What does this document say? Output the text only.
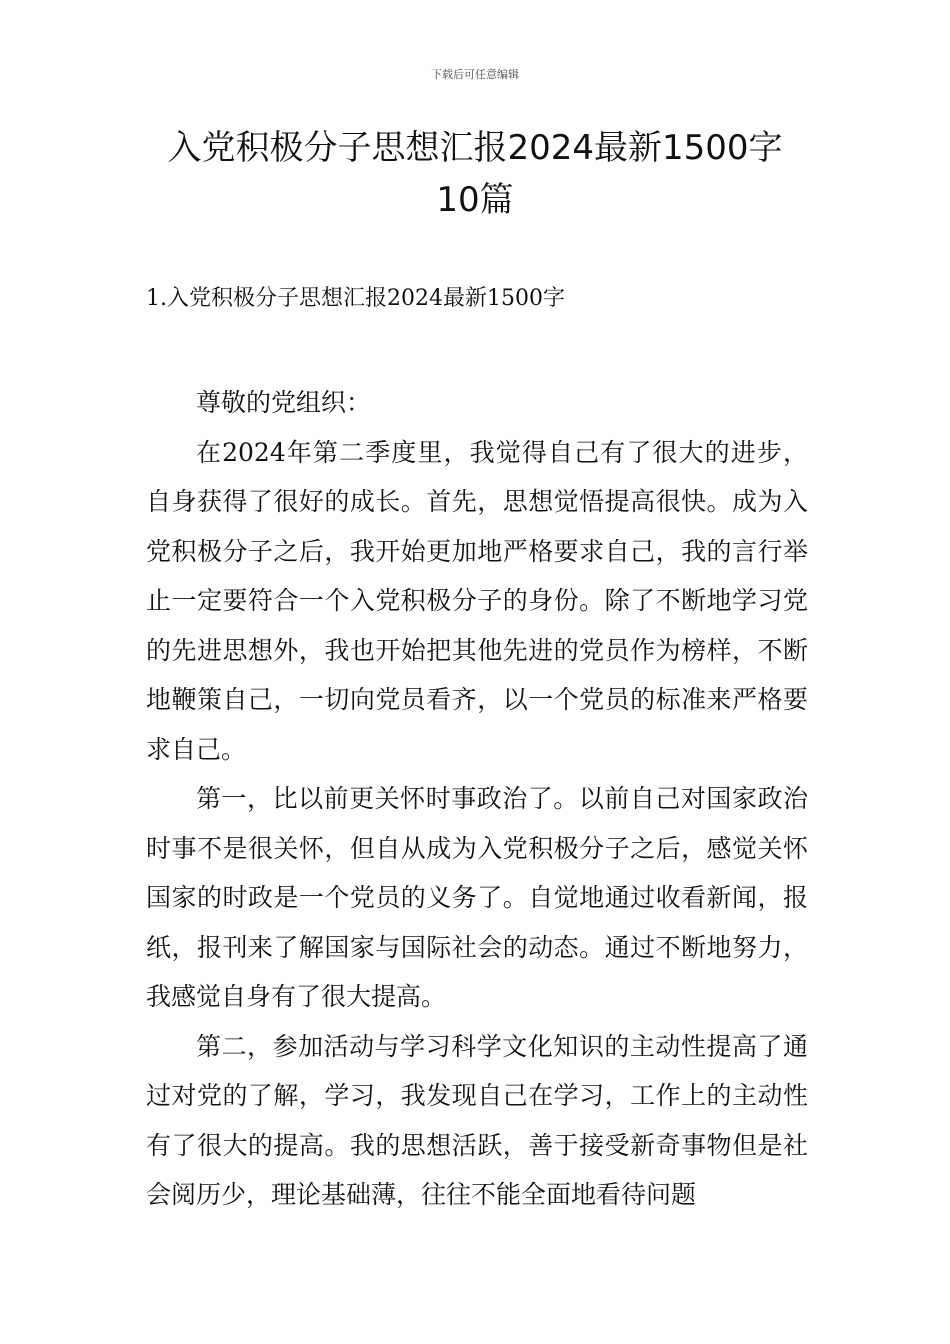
下载后可任意编辑
入党积极分子思想汇报2024最新1500字
10篇
1.入党积极分子思想汇报2024最新1500字

尊敬的党组织：

在2024年第二季度里，我觉得自己有了很大的进步，自身获得了很好的成长。首先，思想觉悟提高很快。成为入党积极分子之后，我开始更加地严格要求自己，我的言行举止一定要符合一个入党积极分子的身份。除了不断地学习党的先进思想外，我也开始把其他先进的党员作为榜样，不断地鞭策自己，一切向党员看齐，以一个党员的标准来严格要求自己。

第一，比以前更关怀时事政治了。以前自己对国家政治时事不是很关怀，但自从成为入党积极分子之后，感觉关怀国家的时政是一个党员的义务了。自觉地通过收看新闻，报纸，报刊来了解国家与国际社会的动态。通过不断地努力，我感觉自身有了很大提高。

第二，参加活动与学习科学文化知识的主动性提高了通过对党的了解，学习，我发现自己在学习，工作上的主动性有了很大的提高。我的思想活跃，善于接受新奇事物但是社会阅历少，理论基础薄，往往不能全面地看待问题
